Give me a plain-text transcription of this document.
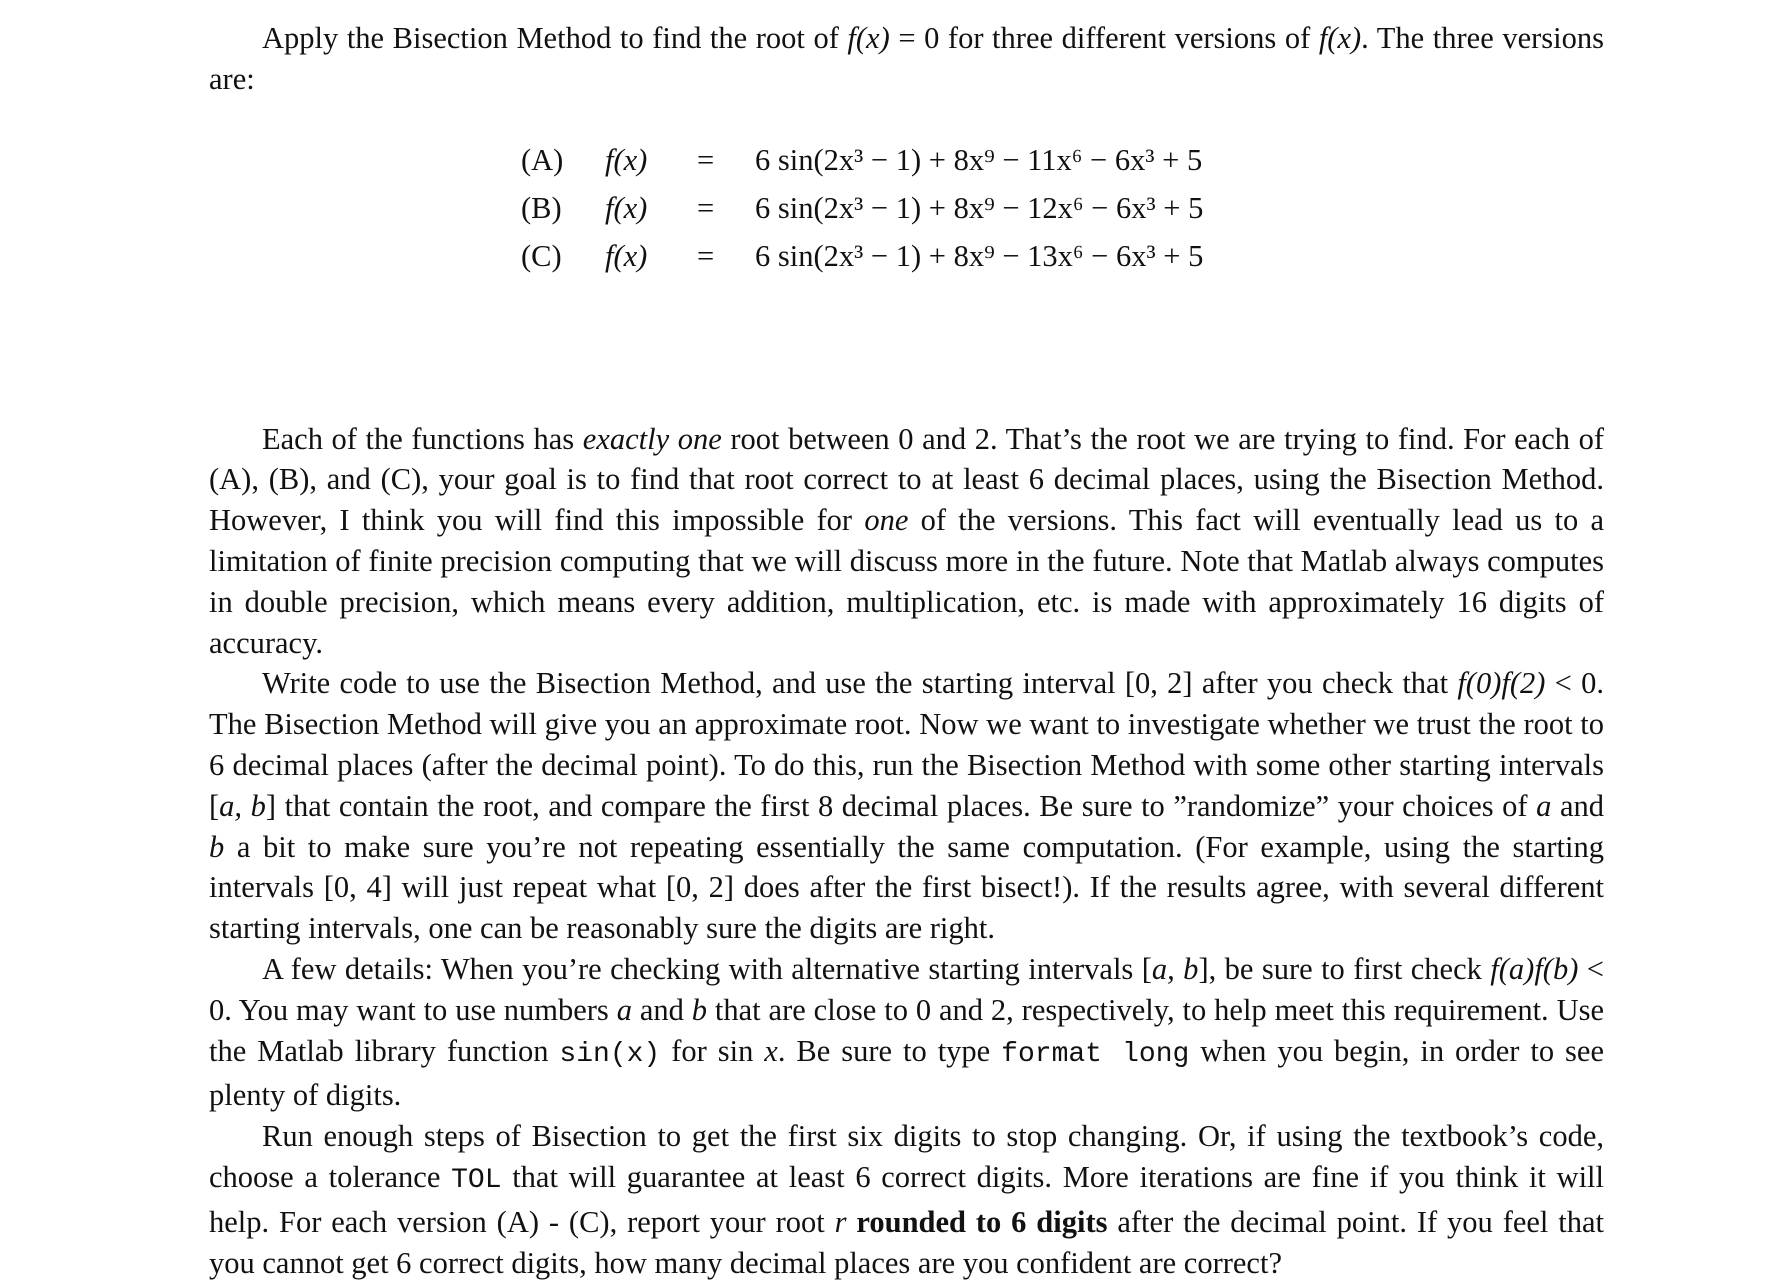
Apply the Bisection Method to find the root of f(x) = 0 for three different versions of f(x). The three versions are:

(A) f(x) = 6 sin(2x³ − 1) + 8x⁹ − 11x⁶ − 6x³ + 5
(B) f(x) = 6 sin(2x³ − 1) + 8x⁹ − 12x⁶ − 6x³ + 5
(C) f(x) = 6 sin(2x³ − 1) + 8x⁹ − 13x⁶ − 6x³ + 5

Each of the functions has exactly one root between 0 and 2. That’s the root we are trying to find. For each of (A), (B), and (C), your goal is to find that root correct to at least 6 decimal places, using the Bisection Method. However, I think you will find this impossible for one of the versions. This fact will eventually lead us to a limitation of finite precision computing that we will discuss more in the future. Note that Matlab always computes in double precision, which means every addition, multiplication, etc. is made with approximately 16 digits of accuracy.

Write code to use the Bisection Method, and use the starting interval [0, 2] after you check that f(0)f(2) < 0. The Bisection Method will give you an approximate root. Now we want to investigate whether we trust the root to 6 decimal places (after the decimal point). To do this, run the Bisection Method with some other starting intervals [a, b] that contain the root, and compare the first 8 decimal places. Be sure to ”randomize” your choices of a and b a bit to make sure you’re not repeating essentially the same computation. (For example, using the starting intervals [0, 4] will just repeat what [0, 2] does after the first bisect!). If the results agree, with several different starting intervals, one can be reasonably sure the digits are right.

A few details: When you’re checking with alternative starting intervals [a, b], be sure to first check f(a)f(b) < 0. You may want to use numbers a and b that are close to 0 and 2, respectively, to help meet this requirement. Use the Matlab library function sin(x) for sin x. Be sure to type format long when you begin, in order to see plenty of digits.

Run enough steps of Bisection to get the first six digits to stop changing. Or, if using the textbook’s code, choose a tolerance TOL that will guarantee at least 6 correct digits. More iterations are fine if you think it will help. For each version (A) - (C), report your root r rounded to 6 digits after the decimal point. If you feel that you cannot get 6 correct digits, how many decimal places are you confident are correct?
